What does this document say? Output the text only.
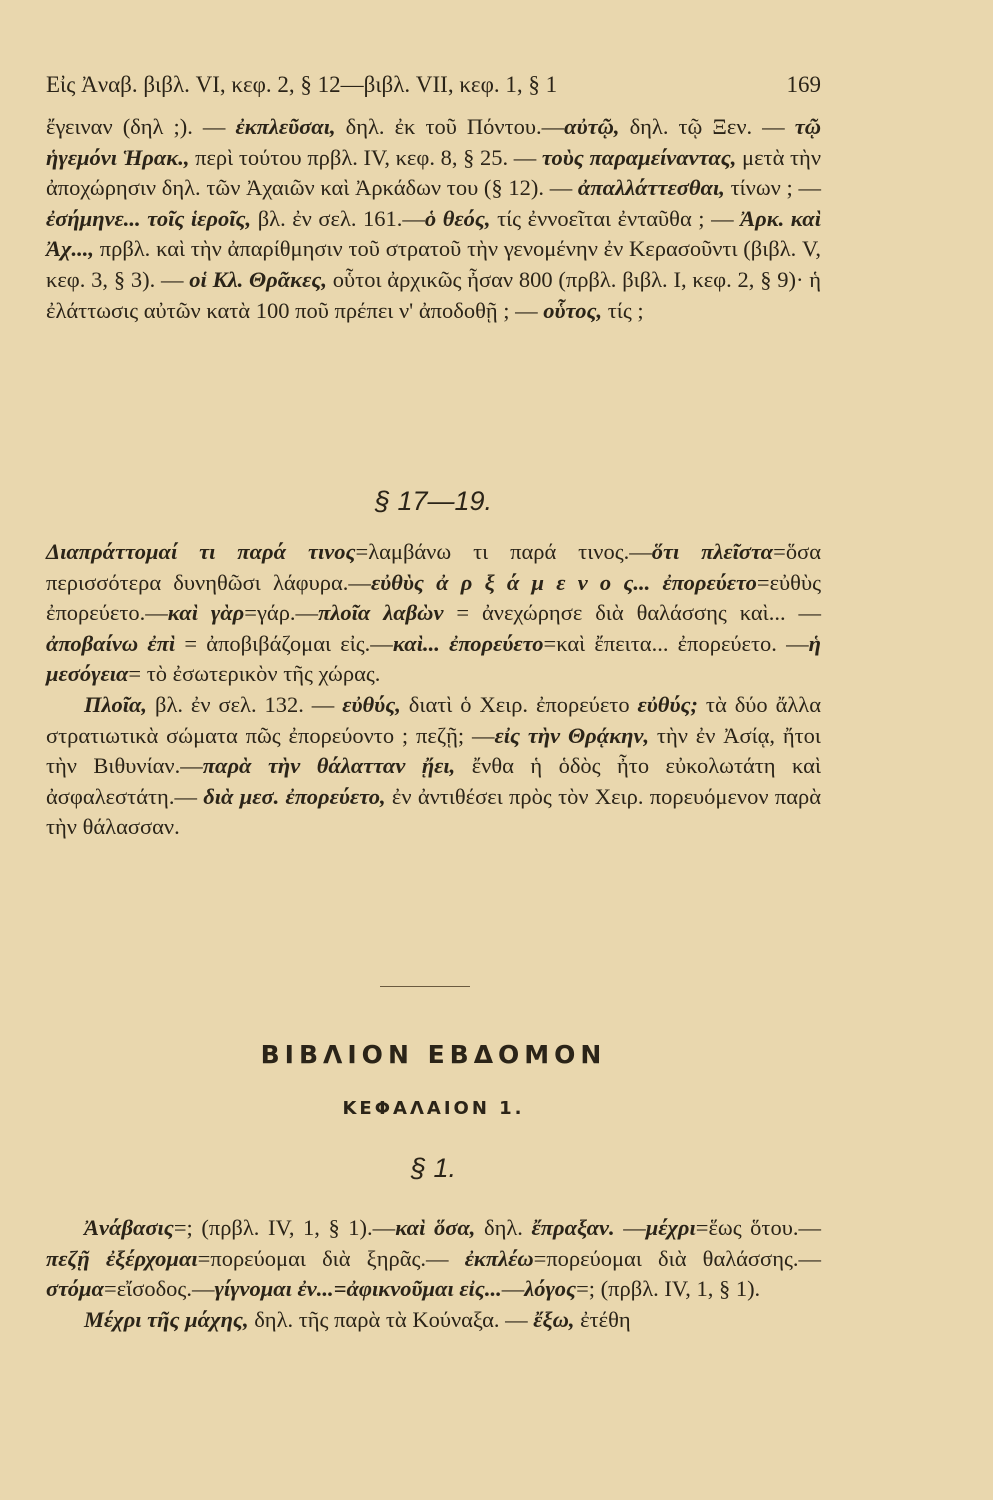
Εἰς Ἀναβ. βιβλ. VI, κεφ. 2, § 12—βιβλ. VII, κεφ. 1, § 1	169

ἔγειναν (δηλ ;). — ἐκπλεῦσαι, δηλ. ἐκ τοῦ Πόντου.—αὐτῷ, δηλ. τῷ Ξεν. — τῷ ἡγεμόνι Ἡρακ., περὶ τούτου πρβλ. IV, κεφ. 8, § 25. — τοὺς παραμείναντας, μετὰ τὴν ἀποχώρησιν δηλ. τῶν Ἀχαιῶν καὶ Ἀρκάδων του (§ 12). — ἀπαλλάττεσθαι, τίνων ; — ἐσήμηνε... τοῖς ἱεροῖς, βλ. ἐν σελ. 161.—ὁ θεός, τίς ἐννοεῖται ἐνταῦθα ; — Ἀρκ. καὶ Ἀχ..., πρβλ. καὶ τὴν ἀπαρίθμησιν τοῦ στρατοῦ τὴν γενομένην ἐν Κερασοῦντι (βιβλ. V, κεφ. 3, § 3). — οἱ Κλ. Θρᾶκες, οὗτοι ἀρχικῶς ἦσαν 800 (πρβλ. βιβλ. I, κεφ. 2, § 9)· ἡ ἐλάττωσις αὐτῶν κατὰ 100 ποῦ πρέπει ν' ἀποδοθῇ ; — οὗτος, τίς ;

§ 17—19.

Διαπράττομαί τι παρά τινος=λαμβάνω τι παρά τινος.—ὅτι πλεῖστα=ὅσα περισσότερα δυνηθῶσι λάφυρα.—εὐθὺς ἀ ρ ξ ά μ ε ν ο ς... ἐπορεύετο=εὐθὺς ἐπορεύετο.—καὶ γὰρ=γάρ.—πλοῖα λαβὼν = ἀνεχώρησε διὰ θαλάσσης καὶ... — ἀποβαίνω ἐπὶ = ἀποβιβάζομαι εἰς.—καὶ... ἐπορεύετο=καὶ ἔπειτα... ἐπορεύετο. —ἡ μεσόγεια= τὸ ἐσωτερικὸν τῆς χώρας.

Πλοῖα, βλ. ἐν σελ. 132. — εὐθύς, διατὶ ὁ Χειρ. ἐπορεύετο εὐθύς; τὰ δύο ἄλλα στρατιωτικὰ σώματα πῶς ἐπορεύοντο ; πεζῇ; —εἰς τὴν Θρᾴκην, τὴν ἐν Ἀσίᾳ, ἤτοι τὴν Βιθυνίαν.—παρὰ τὴν θάλατταν ᾔει, ἔνθα ἡ ὁδὸς ἦτο εὐκολωτάτη καὶ ἀσφαλεστάτη.— διὰ μεσ. ἐπορεύετο, ἐν ἀντιθέσει πρὸς τὸν Χειρ. πορευόμενον παρὰ τὴν θάλασσαν.

ΒΙΒΛΙΟΝ ΕΒΔΟΜΟΝ
ΚΕΦΑΛΑΙΟΝ 1.
§ 1.

Ἀνάβασις=; (πρβλ. IV, 1, § 1).—καὶ ὅσα, δηλ. ἔπραξαν. —μέχρι=ἕως ὅτου.—πεζῇ ἐξέρχομαι=πορεύομαι διὰ ξηρᾶς.— ἐκπλέω=πορεύομαι διὰ θαλάσσης.—στόμα=εἴσοδος.—γίγνομαι ἐν...=ἀφικνοῦμαι εἰς...—λόγος=; (πρβλ. IV, 1, § 1).

Μέχρι τῆς μάχης, δηλ. τῆς παρὰ τὰ Κούναξα. — ἔξω, ἐτέθη
